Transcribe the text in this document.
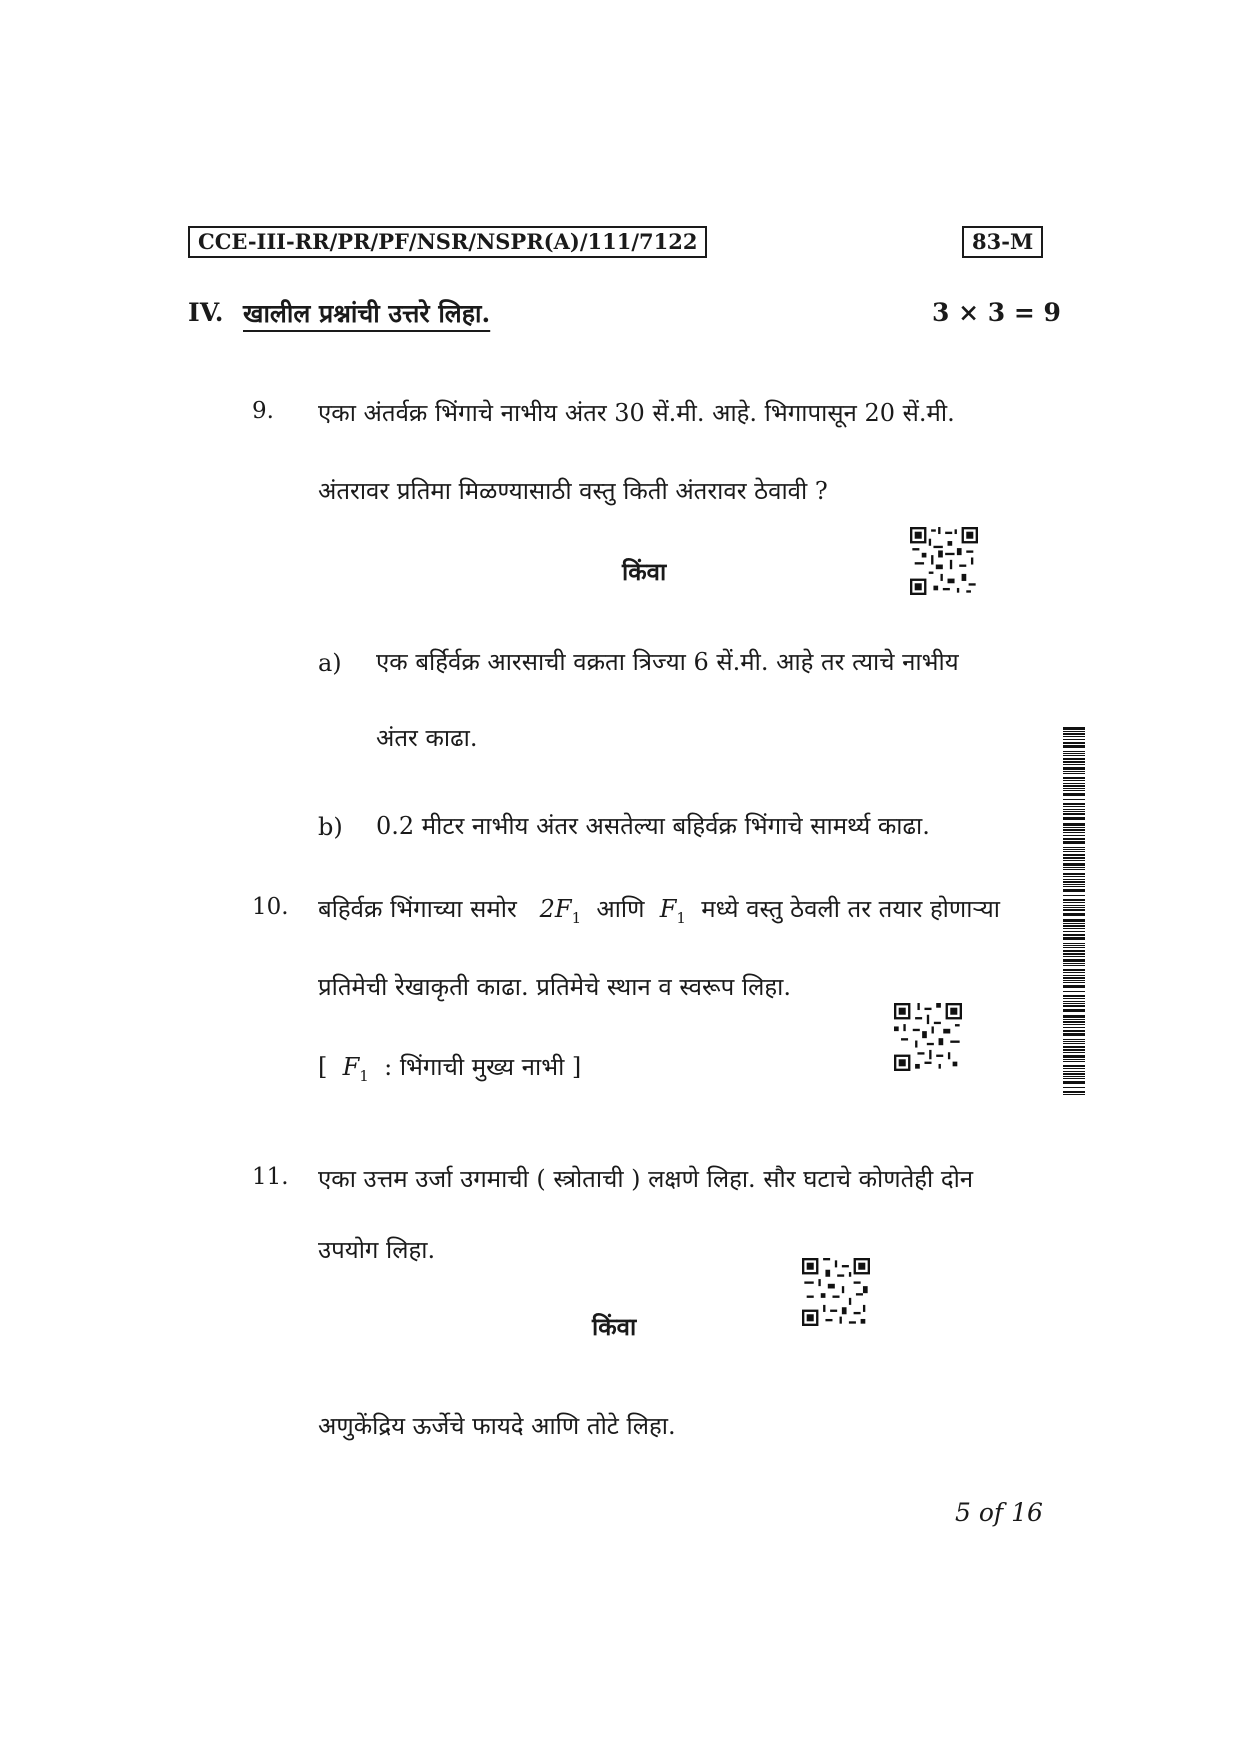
CCE-III-RR/PR/PF/NSR/NSPR(A)/111/7122	83-M
IV. खालील प्रश्नांची उत्तरे लिहा.	3 × 3 = 9
9. एका अंतर्वक्र भिंगाचे नाभीय अंतर 30 सें.मी. आहे. भिगापासून 20 सें.मी.
अंतरावर प्रतिमा मिळण्यासाठी वस्तु किती अंतरावर ठेवावी ?
किंवा
a) एक बर्हिर्वक्र आरसाची वक्रता त्रिज्या 6 सें.मी. आहे तर त्याचे नाभीय
अंतर काढा.
b) 0.2 मीटर नाभीय अंतर असतेल्या बहिर्वक्र भिंगाचे सामर्थ्य काढा.
10. बहिर्वक्र भिंगाच्या समोर $2F_1$ आणि $F_1$ मध्ये वस्तु ठेवली तर तयार होणाऱ्या
प्रतिमेची रेखाकृती काढा. प्रतिमेचे स्थान व स्वरूप लिहा.
[ $F_1$ : भिंगाची मुख्य नाभी ]
11. एका उत्तम उर्जा उगमाची ( स्त्रोताची ) लक्षणे लिहा. सौर घटाचे कोणतेही दोन
उपयोग लिहा.
किंवा
अणुकेंद्रिय ऊर्जेचे फायदे आणि तोटे लिहा.
5 of 16
